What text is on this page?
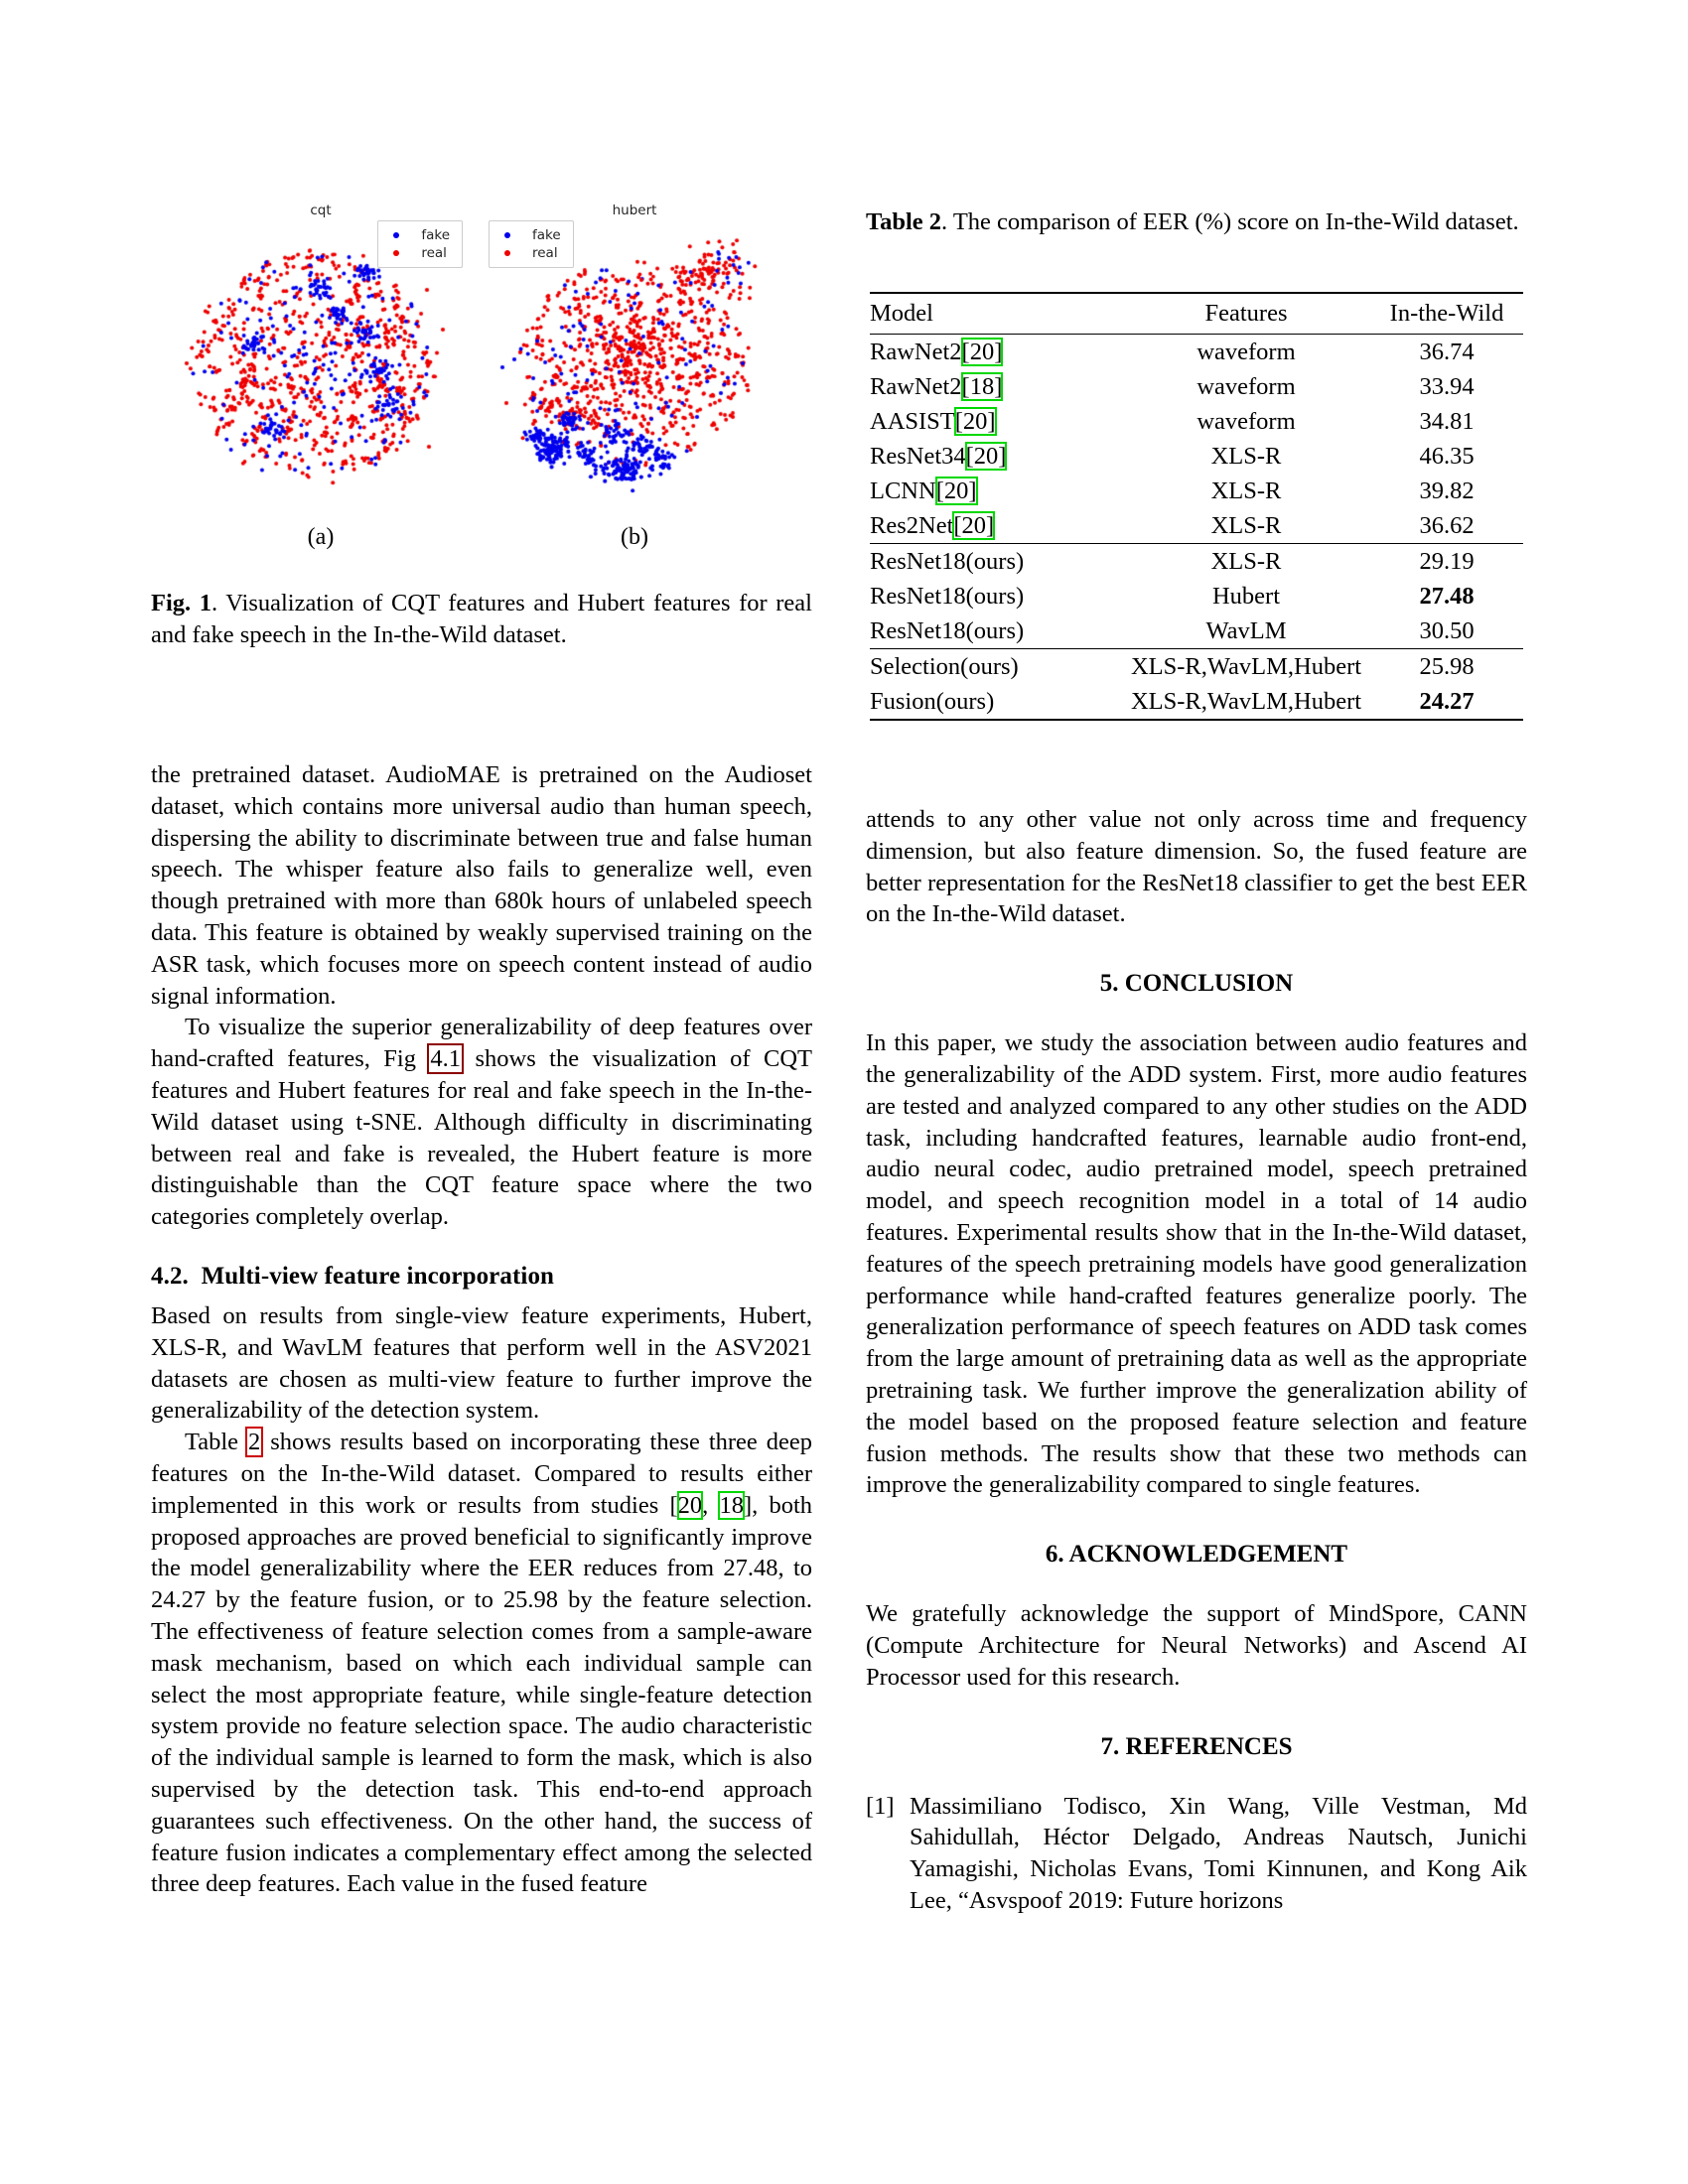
cqt
fake
real
hubert
fake
real
(a)	(b)
Fig. 1. Visualization of CQT features and Hubert features for real and fake speech in the In-the-Wild dataset.
Table 2. The comparison of EER (%) score on In-the-Wild dataset.
Model	Features	In-the-Wild
RawNet2[20]	waveform	36.74
RawNet2[18]	waveform	33.94
AASIST[20]	waveform	34.81
ResNet34[20]	XLS-R	46.35
LCNN[20]	XLS-R	39.82
Res2Net[20]	XLS-R	36.62
ResNet18(ours)	XLS-R	29.19
ResNet18(ours)	Hubert	27.48
ResNet18(ours)	WavLM	30.50
Selection(ours)	XLS-R,WavLM,Hubert	25.98
Fusion(ours)	XLS-R,WavLM,Hubert	24.27

the pretrained dataset. AudioMAE is pretrained on the Audioset dataset, which contains more universal audio than human speech, dispersing the ability to discriminate between true and false human speech. The whisper feature also fails to generalize well, even though pretrained with more than 680k hours of unlabeled speech data. This feature is obtained by weakly supervised training on the ASR task, which focuses more on speech content instead of audio signal information.

To visualize the superior generalizability of deep features over hand-crafted features, Fig 4.1 shows the visualization of CQT features and Hubert features for real and fake speech in the In-the-Wild dataset using t-SNE. Although difficulty in discriminating between real and fake is revealed, the Hubert feature is more distinguishable than the CQT feature space where the two categories completely overlap.

4.2. Multi-view feature incorporation

Based on results from single-view feature experiments, Hubert, XLS-R, and WavLM features that perform well in the ASV2021 datasets are chosen as multi-view feature to further improve the generalizability of the detection system.

Table 2 shows results based on incorporating these three deep features on the In-the-Wild dataset. Compared to results either implemented in this work or results from studies [20, 18], both proposed approaches are proved beneficial to significantly improve the model generalizability where the EER reduces from 27.48, to 24.27 by the feature fusion, or to 25.98 by the feature selection. The effectiveness of feature selection comes from a sample-aware mask mechanism, based on which each individual sample can select the most appropriate feature, while single-feature detection system provide no feature selection space. The audio characteristic of the individual sample is learned to form the mask, which is also supervised by the detection task. This end-to-end approach guarantees such effectiveness. On the other hand, the success of feature fusion indicates a complementary effect among the selected three deep features. Each value in the fused feature

attends to any other value not only across time and frequency dimension, but also feature dimension. So, the fused feature are better representation for the ResNet18 classifier to get the best EER on the In-the-Wild dataset.

5. CONCLUSION

In this paper, we study the association between audio features and the generalizability of the ADD system. First, more audio features are tested and analyzed compared to any other studies on the ADD task, including handcrafted features, learnable audio front-end, audio neural codec, audio pretrained model, speech pretrained model, and speech recognition model in a total of 14 audio features. Experimental results show that in the In-the-Wild dataset, features of the speech pretraining models have good generalization performance while hand-crafted features generalize poorly. The generalization performance of speech features on ADD task comes from the large amount of pretraining data as well as the appropriate pretraining task. We further improve the generalization ability of the model based on the proposed feature selection and feature fusion methods. The results show that these two methods can improve the generalizability compared to single features.

6. ACKNOWLEDGEMENT

We gratefully acknowledge the support of MindSpore, CANN (Compute Architecture for Neural Networks) and Ascend AI Processor used for this research.

7. REFERENCES

[1] Massimiliano Todisco, Xin Wang, Ville Vestman, Md Sahidullah, Héctor Delgado, Andreas Nautsch, Junichi Yamagishi, Nicholas Evans, Tomi Kinnunen, and Kong Aik Lee, “Asvspoof 2019: Future horizons
